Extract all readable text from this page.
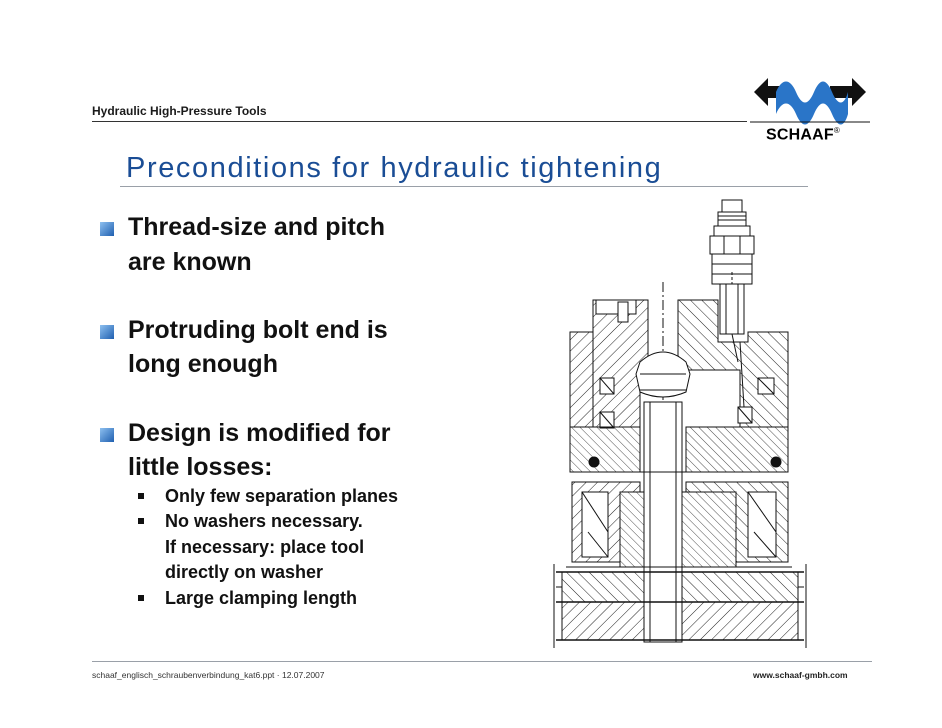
Hydraulic High-Pressure Tools
SCHAAF®
Preconditions for hydraulic tightening
Thread-size and pitch
are known
Protruding bolt end is
long enough
Design is modified for
little losses:
Only few separation planes
No washers necessary.
If necessary: place tool
directly on washer
Large clamping length
schaaf_englisch_schraubenverbindung_kat6.ppt · 12.07.2007	www.schaaf-gmbh.com
